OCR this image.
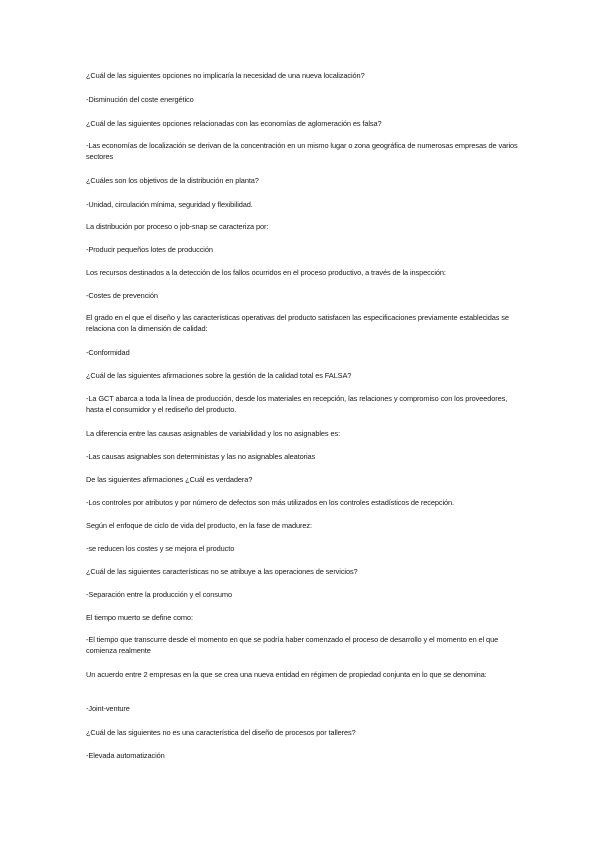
¿Cuál de las siguientes opciones no implicaría la necesidad de una nueva localización?

-Disminución del coste energético

¿Cuál de las siguientes opciones relacionadas con las economías de aglomeración es falsa?

-Las economías de localización se derivan de la concentración en un mismo lugar o zona geográfica de numerosas empresas de varios sectores

¿Cuáles son los objetivos de la distribución en planta?

-Unidad, circulación mínima, seguridad y flexibilidad.

La distribución por proceso o job-snap se caracteriza por:

-Producir pequeños lotes de producción

Los recursos destinados a la detección de los fallos ocurridos en el proceso productivo, a través de la inspección:

-Costes de prevención

El grado en el que el diseño y las características operativas del producto satisfacen las especificaciones previamente establecidas se relaciona con la dimensión de calidad:

-Conformidad

¿Cuál de las siguientes afirmaciones sobre la gestión de la calidad total es FALSA?

-La GCT abarca a toda la línea de producción, desde los materiales en recepción, las relaciones y compromiso con los proveedores, hasta el consumidor y el rediseño del producto.

La diferencia entre las causas asignables de variabilidad y los no asignables es:

-Las causas asignables son deterministas y las no asignables aleatorias

De las siguientes afirmaciones ¿Cuál es verdadera?

-Los controles por atributos y por número de defectos son más utilizados en los controles estadísticos de recepción.

Según el enfoque de ciclo de vida del producto, en la fase de madurez:

-se reducen los costes y se mejora el producto

¿Cuál de las siguientes características no se atribuye a las operaciones de servicios?

-Separación entre la producción y el consumo

El tiempo muerto se define como:

-El tiempo que transcurre desde el momento en que se podría haber comenzado el proceso de desarrollo y el momento en el que comienza realmente

Un acuerdo entre 2 empresas en la que se crea una nueva entidad en régimen de propiedad conjunta en lo que se denomina:

-Joint-venture

¿Cuál de las siguientes no es una característica del diseño de procesos por talleres?

-Elevada automatización
